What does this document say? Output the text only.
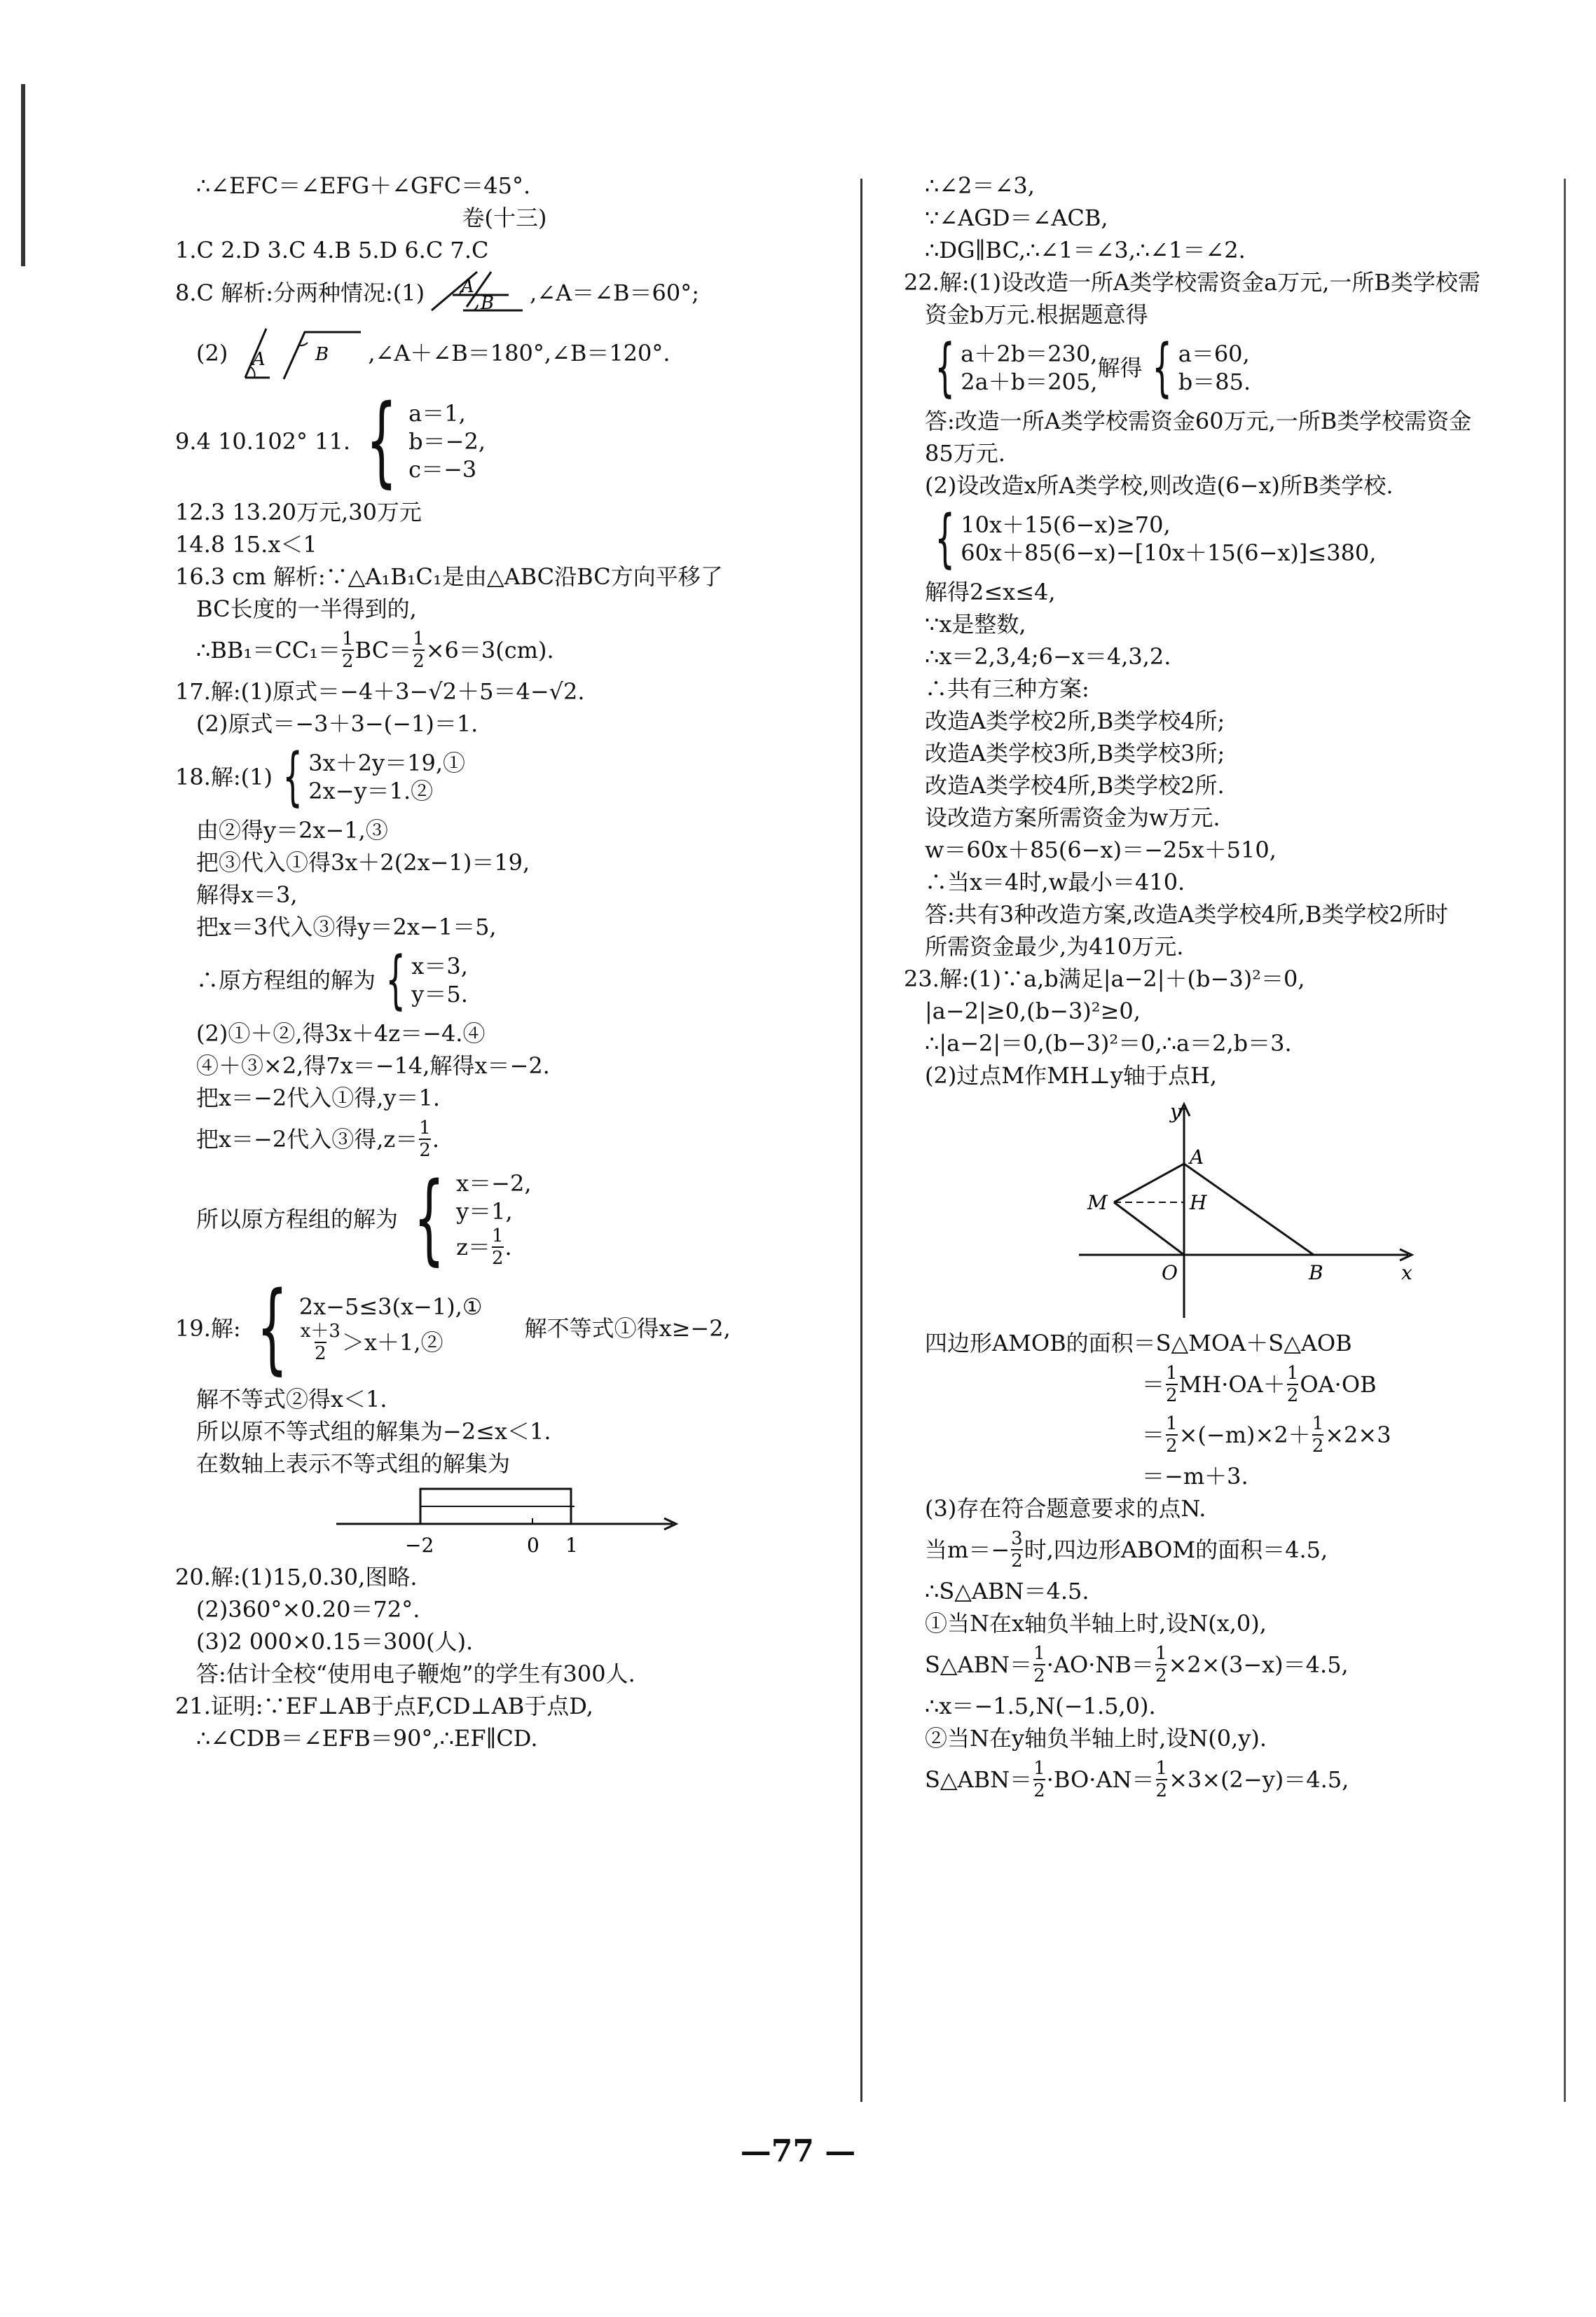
∴∠EFC＝∠EFG＋∠GFC＝45°.
卷(十三)
1.C 2.D 3.C 4.B 5.D 6.C 7.C
8.C 解析:分两种情况:(1) A
B ,∠A＝∠B＝60°;
(2) A	B ,∠A＋∠B＝180°,∠B＝120°.
9.4 10.102° 11. { a＝1,
b＝−2,
c＝−3
12.3 13.20万元,30万元
14.8 15.x＜1
16.3 cm 解析:∵△A₁B₁C₁是由△ABC沿BC方向平移了
BC长度的一半得到的,
∴BB₁＝CC₁＝ $\frac{1}{2} BC= \frac{1}{2} \times 6=3(cm)$.
17.解:(1)原式＝−4＋3−√2＋5＝4−√2.
(2)原式＝−3＋3−(−1)＝1.
18.解:(1) { 3x＋2y＝19,①
2x−y＝1.②
由②得y＝2x−1,③
把③代入①得3x＋2(2x−1)＝19,
解得x＝3,
把x＝3代入③得y＝2x−1＝5,
∴原方程组的解为 { x＝3,
y＝5.
(2)①＋②,得3x＋4z＝−4.④
④＋③×2,得7x＝−14,解得x＝−2.
把x＝−2代入①得,y＝1.
把x＝−2代入③得$,z= \frac{1}{2}$ .
所以原方程组的解为 { x＝−2,
y＝1,
$z= \frac{1}{2}$ .
19.解: { 2x−5≤3(x−1),①
$\frac{x+3}{2}$ ＞x＋1,②
解不等式①得x≥−2,
解不等式②得x＜1.
所以原不等式组的解集为−2≤x＜1.
在数轴上表示不等式组的解集为
−2	0 1
20.解:(1)15,0.30,图略.
(2)360°×0.20＝72°.
(3)2 000×0.15＝300(人).
答:估计全校“使用电子鞭炮”的学生有300人.
21.证明:∵EF⊥AB于点F,CD⊥AB于点D,
∴∠CDB＝∠EFB＝90°,∴EF∥CD.
∴∠2＝∠3,
∵∠AGD＝∠ACB,
∴DG∥BC,∴∠1＝∠3,∴∠1＝∠2.
22.解:(1)设改造一所A类学校需资金a万元,一所B类学校需
资金b万元.根据题意得
{ a＋2b＝230,
2a＋b＝205,
解得 { a＝60,
b＝85.
答:改造一所A类学校需资金60万元,一所B类学校需资金
85万元.
(2)设改造x所A类学校,则改造(6−x)所B类学校.
{ 10x＋15(6−x)≥70,
60x＋85(6−x)−[10x＋15(6−x)]≤380,
解得2≤x≤4,
∵x是整数,
∴x＝2,3,4;6−x＝4,3,2.
∴共有三种方案:
改造A类学校2所,B类学校4所;
改造A类学校3所,B类学校3所;
改造A类学校4所,B类学校2所.
设改造方案所需资金为w万元.
w＝60x＋85(6−x)＝−25x＋510,
∴当x＝4时,w最小＝410.
答:共有3种改造方案,改造A类学校4所,B类学校2所时
所需资金最少,为410万元.
23.解:(1)∵a,b满足|a−2|＋(b−3)²＝0,
|a−2|≥0,(b−3)²≥0,
∴|a−2|＝0,(b−3)²＝0,∴a＝2,b＝3.
(2)过点M作MH⊥y轴于点H,
y
A
M	H
O	B	x
四边形AMOB的面积＝S△MOA＋S△AOB
＝ $\frac{1}{2} MH\cdot OA+ \frac{1}{2} OA\cdot OB$
＝ $\frac{1}{2} \times(-m)\times 2+ \frac{1}{2} \times 2\times 3$
＝−m＋3.
(3)存在符合题意要求的点N.
当$m=- \frac{3}{2}$ 时,四边形ABOM的面积＝4.5,
∴S△ABN＝4.5.
①当N在x轴负半轴上时,设N(x,0),
S△ABN＝ $\frac{1}{2} \cdot AO\cdot NB= \frac{1}{2} \times 2\times(3-x)=4.5$,
∴x＝−1.5,N(−1.5,0).
②当N在y轴负半轴上时,设N(0,y).
S△ABN＝ $\frac{1}{2} \cdot BO\cdot AN= \frac{1}{2} \times 3\times(2-y)=4.5$,
—77 —
